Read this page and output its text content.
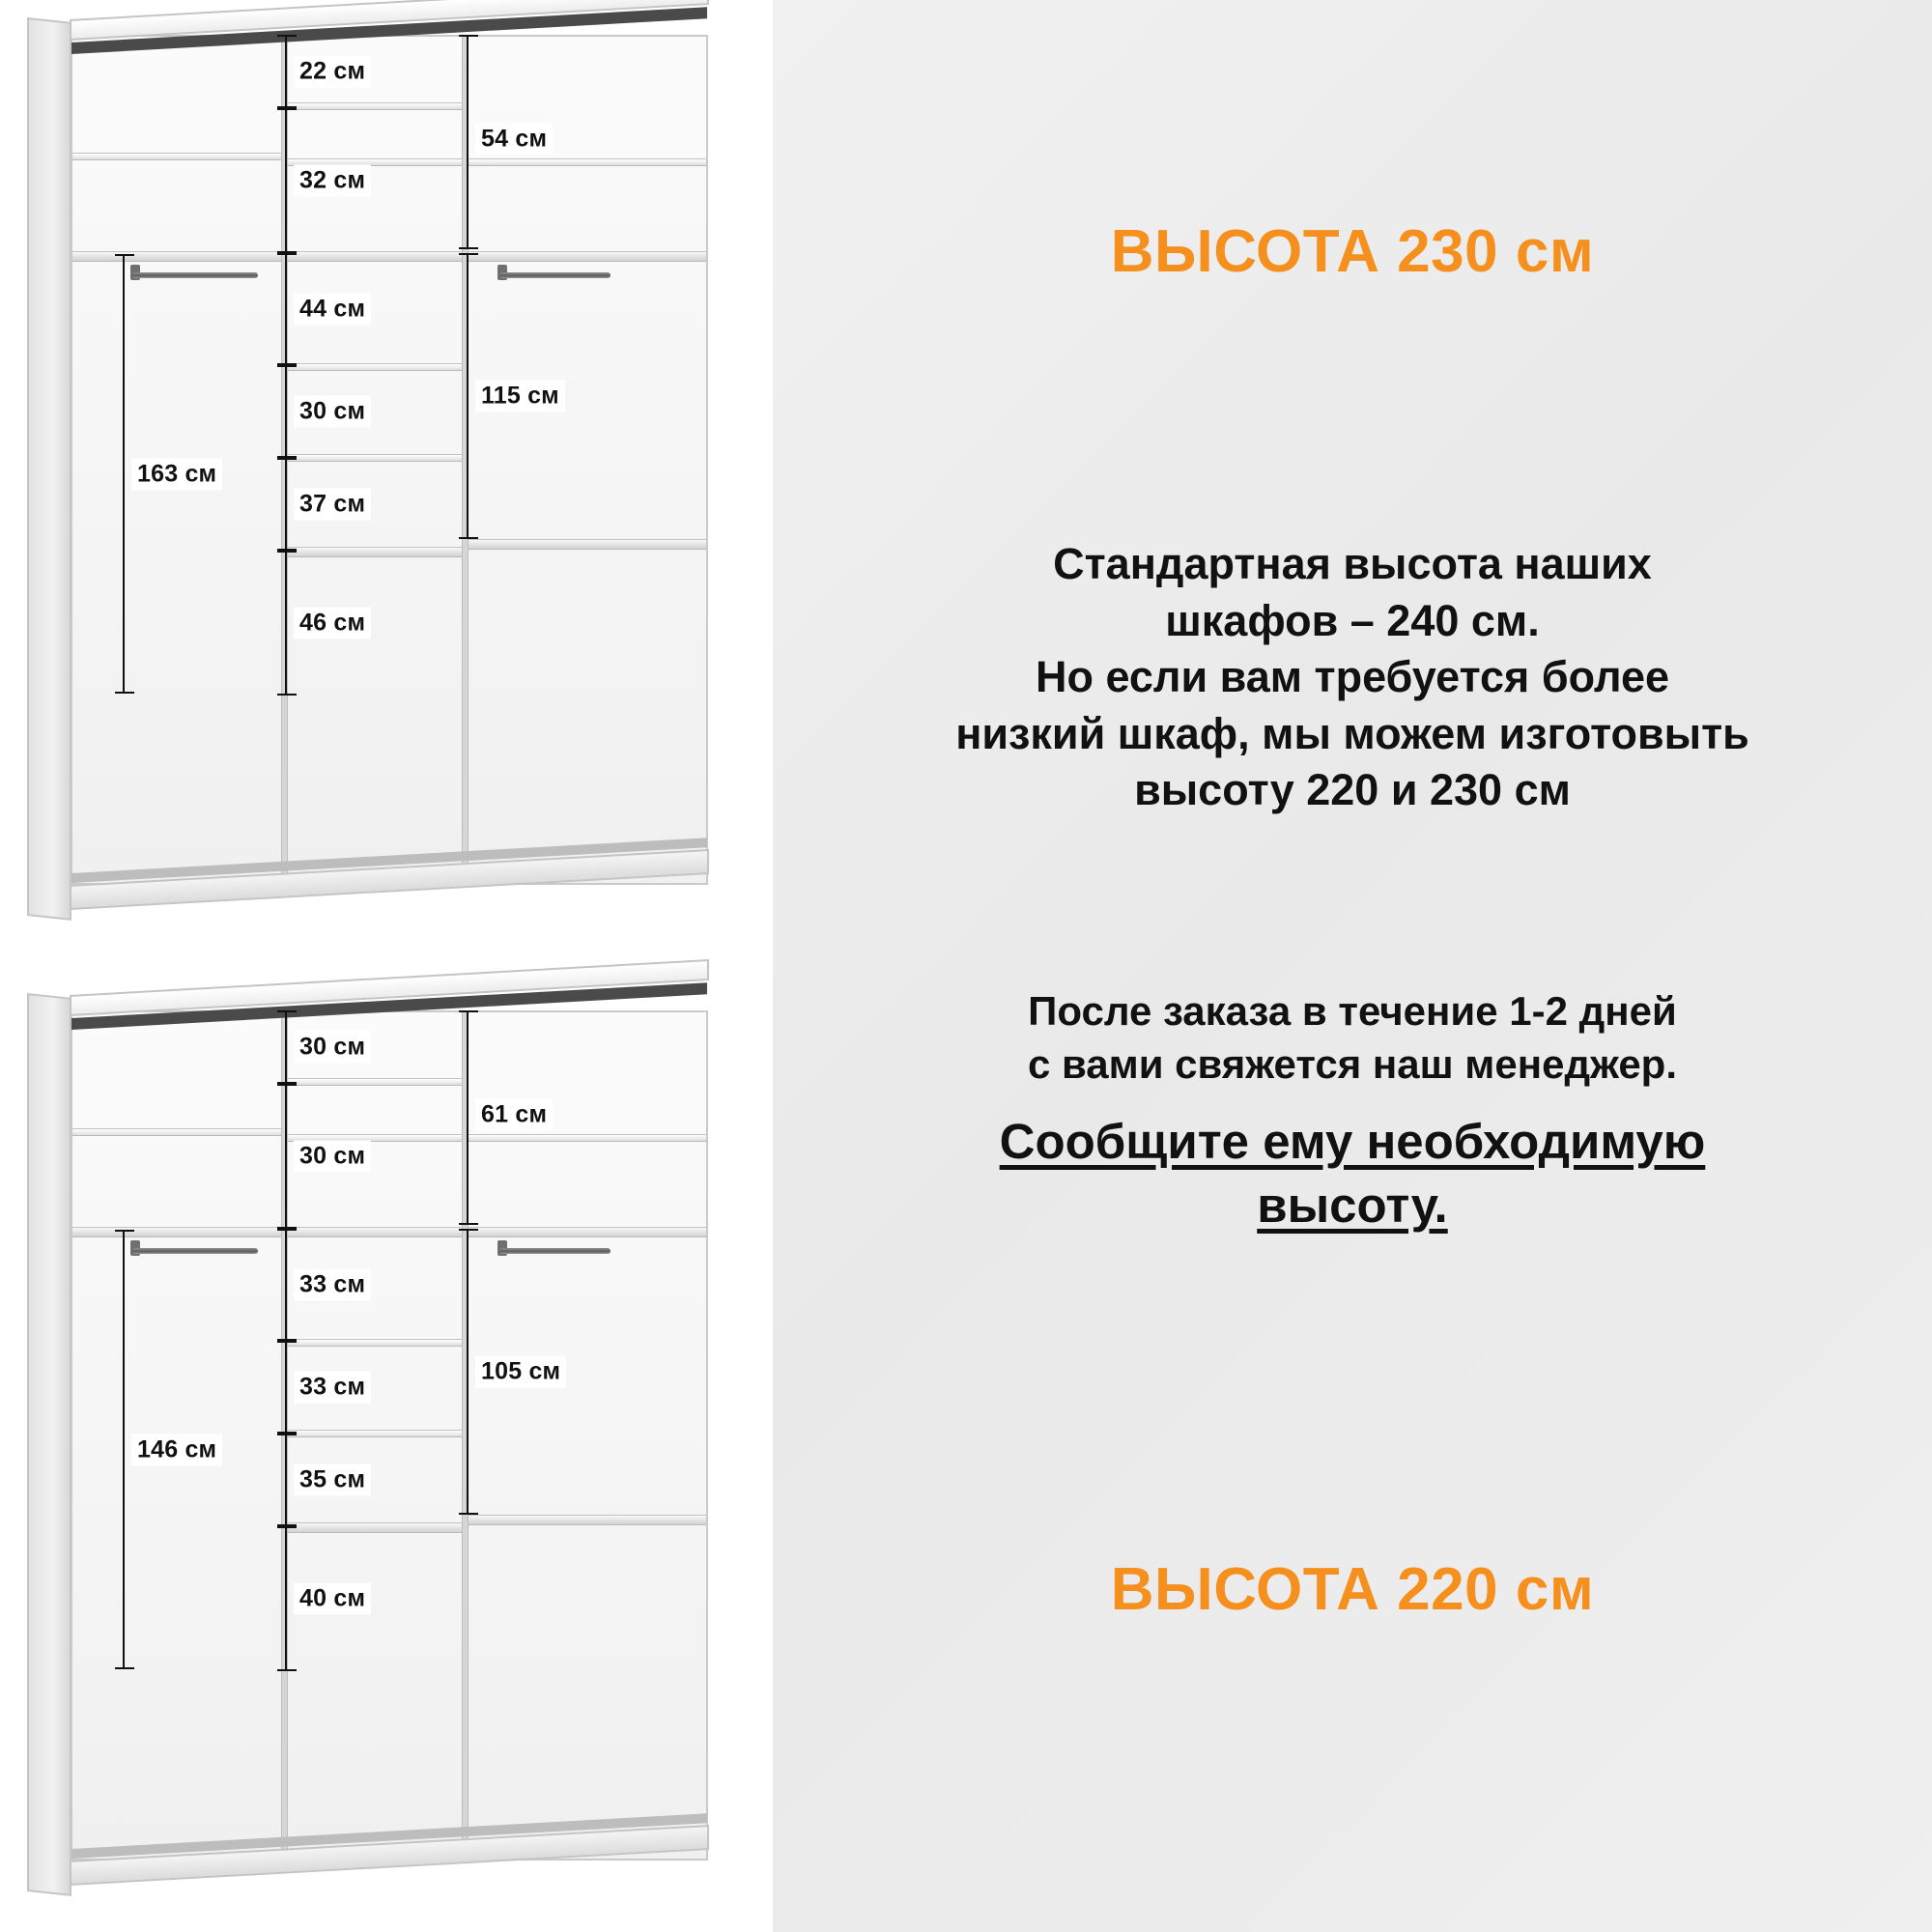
22 см
32 см
44 см
30 см
37 см
46 см
54 см
115 см
163 см
30 см
30 см
33 см
33 см
35 см
40 см
61 см
105 см
146 см
ВЫСОТА 230 см
Стандартная высота наших
шкафов – 240 см.
Но если вам требуется более
низкий шкаф, мы можем изготовыть
высоту 220 и 230 см
После заказа в течение 1-2 дней
с вами свяжется наш менеджер.
Сообщите ему необходимую
высоту.
ВЫСОТА 220 см
